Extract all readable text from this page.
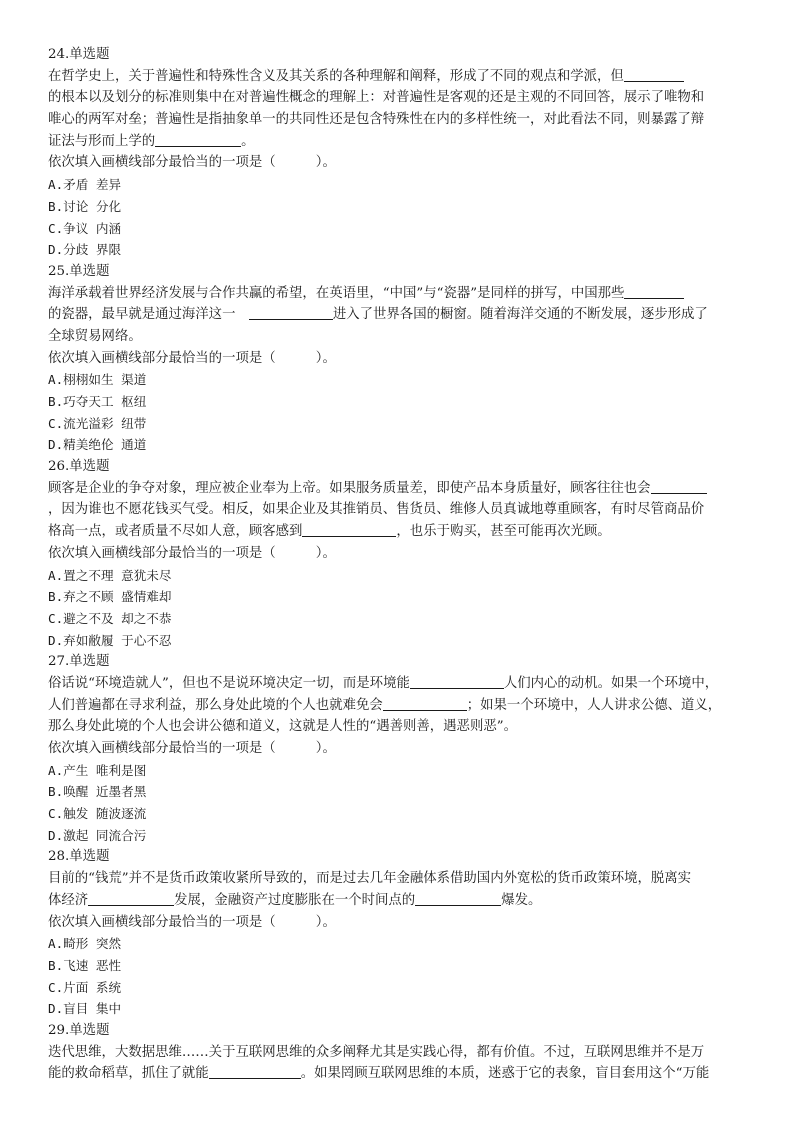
24.单选题
在哲学史上，关于普遍性和特殊性含义及其关系的各种理解和阐释，形成了不同的观点和学派，但
的根本以及划分的标准则集中在对普遍性概念的理解上：对普遍性是客观的还是主观的不同回答，展示了唯物和
唯心的两军对垒；普遍性是指抽象单一的共同性还是包含特殊性在内的多样性统一，对此看法不同，则暴露了辩
证法与形而上学的	。
依次填入画横线部分最恰当的一项是（　　　）。
A.矛盾 差异
B.讨论 分化
C.争议 内涵
D.分歧 界限
25.单选题
海洋承载着世界经济发展与合作共赢的希望，在英语里，“中国”与“瓷器”是同样的拼写，中国那些
的瓷器，最早就是通过海洋这一　	进入了世界各国的橱窗。随着海洋交通的不断发展，逐步形成了
全球贸易网络。
依次填入画横线部分最恰当的一项是（　　　）。
A.栩栩如生 渠道
B.巧夺天工 枢纽
C.流光溢彩 纽带
D.精美绝伦 通道
26.单选题
顾客是企业的争夺对象，理应被企业奉为上帝。如果服务质量差，即使产品本身质量好，顾客往往也会
，因为谁也不愿花钱买气受。相反，如果企业及其推销员、售货员、维修人员真诚地尊重顾客，有时尽管商品价
格高一点，或者质量不尽如人意，顾客感到	，也乐于购买，甚至可能再次光顾。
依次填入画横线部分最恰当的一项是（　　　）。
A.置之不理 意犹未尽
B.弃之不顾 盛情难却
C.避之不及 却之不恭
D.弃如敝履 于心不忍
27.单选题
俗话说“环境造就人”，但也不是说环境决定一切，而是环境能	人们内心的动机。如果一个环境中，
人们普遍都在寻求利益，那么身处此境的个人也就难免会	；如果一个环境中，人人讲求公德、道义，
那么身处此境的个人也会讲公德和道义，这就是人性的“遇善则善，遇恶则恶”。
依次填入画横线部分最恰当的一项是（　　　）。
A.产生 唯利是图
B.唤醒 近墨者黑
C.触发 随波逐流
D.激起 同流合污
28.单选题
目前的“钱荒”并不是货币政策收紧所导致的，而是过去几年金融体系借助国内外宽松的货币政策环境，脱离实
体经济	发展，金融资产过度膨胀在一个时间点的	爆发。
依次填入画横线部分最恰当的一项是（　　　）。
A.畸形 突然
B.飞速 恶性
C.片面 系统
D.盲目 集中
29.单选题
迭代思维，大数据思维……关于互联网思维的众多阐释尤其是实践心得，都有价值。不过，互联网思维并不是万
能的救命稻草，抓住了就能	。如果罔顾互联网思维的本质，迷惑于它的表象，盲目套用这个“万能
